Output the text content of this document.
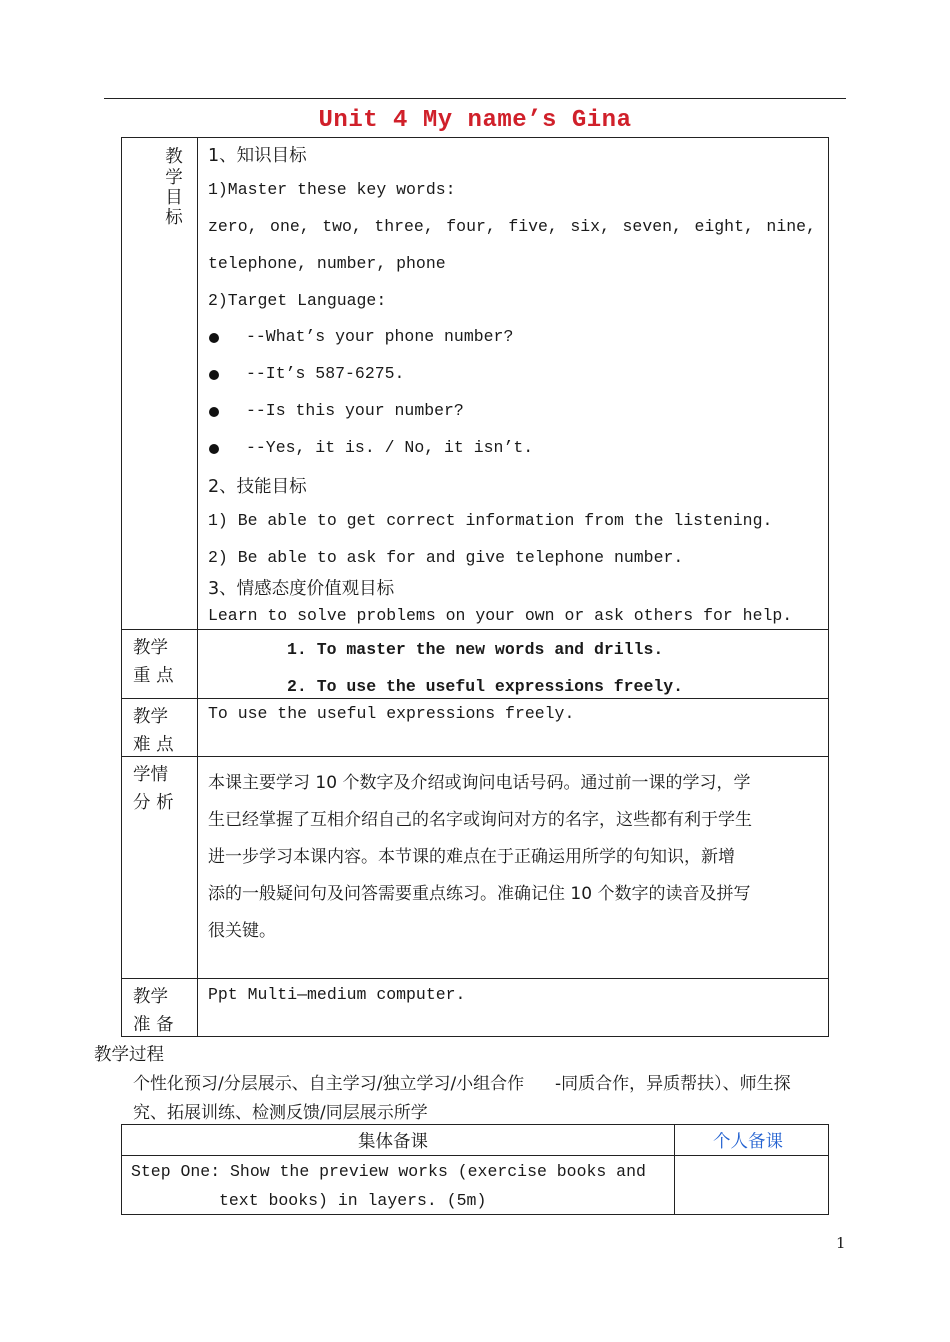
Unit 4 My name’s Gina
教
学
目
标
1、知识目标
1)Master these key words:
zero, one, two, three, four, five, six, seven, eight, nine,
telephone, number, phone
2)Target Language:
--What’s your phone number?
--It’s 587-6275.
--Is this your number?
--Yes, it is. / No, it isn’t.
2、技能目标
1) Be able to get correct information from the listening.
2) Be able to ask for and give telephone number.
3、情感态度价值观目标
Learn to solve problems on your own or ask others for help.
教学
重 点
1. To master the new words and drills.
2. To use the useful expressions freely.
教学
难 点
To use the useful expressions freely.
学情
分 析
本课主要学习 10 个数字及介绍或询问电话号码。通过前一课的学习，学
生已经掌握了互相介绍自己的名字或询问对方的名字，这些都有利于学生
进一步学习本课内容。本节课的难点在于正确运用所学的句知识，新增
添的一般疑问句及问答需要重点练习。准确记住 10 个数字的读音及拼写
很关键。
教学
准 备
Ppt Multi—medium computer.
教学过程
个性化预习/分层展示、自主学习/独立学习/小组合作 -同质合作，异质帮扶）、师生探
究、拓展训练、检测反馈/同层展示所学
集体备课	个人备课
Step One: Show the preview works (exercise books and
text books) in layers. (5m)
1
